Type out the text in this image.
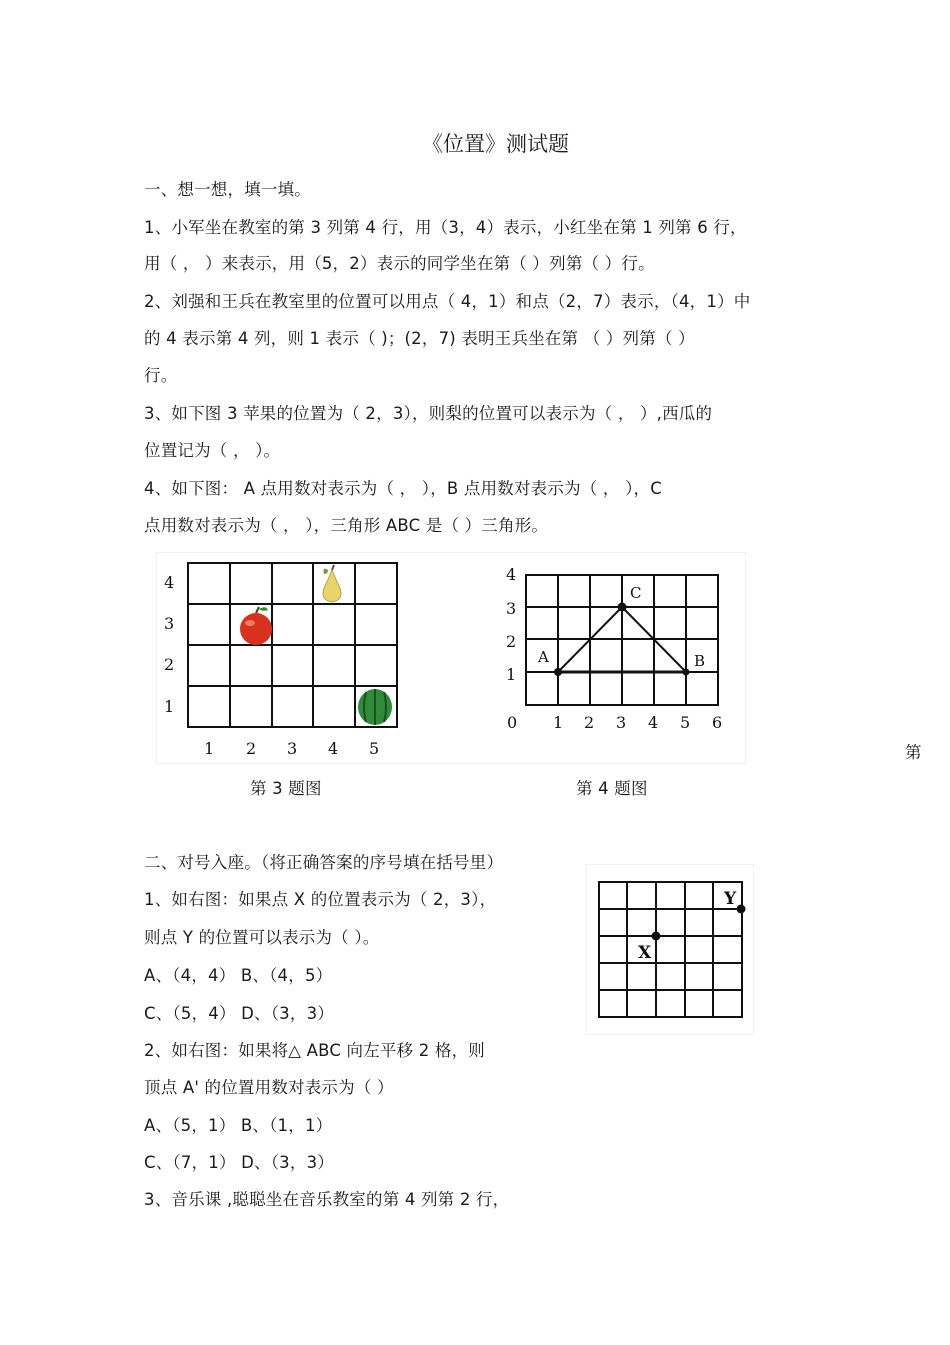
《位置》测试题
一、想一想，填一填。
1、小军坐在教室的第 3 列第 4 行，用（3，4）表示，小红坐在第 1 列第 6 行，
用（ ， ）来表示，用（5，2）表示的同学坐在第（ ）列第（ ）行。
2、刘强和王兵在教室里的位置可以用点（ 4，1）和点（2，7）表示，（4，1）中
的 4 表示第 4 列，则 1 表示（ )；(2，7) 表明王兵坐在第 （ ）列第（ ）
行。
3、如下图 3 苹果的位置为（ 2，3），则梨的位置可以表示为（ ， ）,西瓜的
位置记为（ ， ）。
4、如下图： A 点用数对表示为（ ， ），B 点用数对表示为（ ， ），C
点用数对表示为（ ， ），三角形 ABC 是（ ）三角形。
1 2 3 4 5
4
3
2
1
A
C
B
4
3
2
1
0 1 2 3 4 5 6
第
第 3 题图	第 4 题图
二、对号入座。（将正确答案的序号填在括号里）
1、如右图：如果点 X 的位置表示为（ 2，3），
则点 Y 的位置可以表示为（ ）。
A、（4，4） B、（4，5）
C、（5，4） D、（3，3）
2、如右图：如果将△ ABC 向左平移 2 格，则
顶点 A' 的位置用数对表示为（ ）
A、（5，1） B、（1，1）
C、（7，1） D、（3，3）
3、音乐课 ,聪聪坐在音乐教室的第 4 列第 2 行，
X
Y
